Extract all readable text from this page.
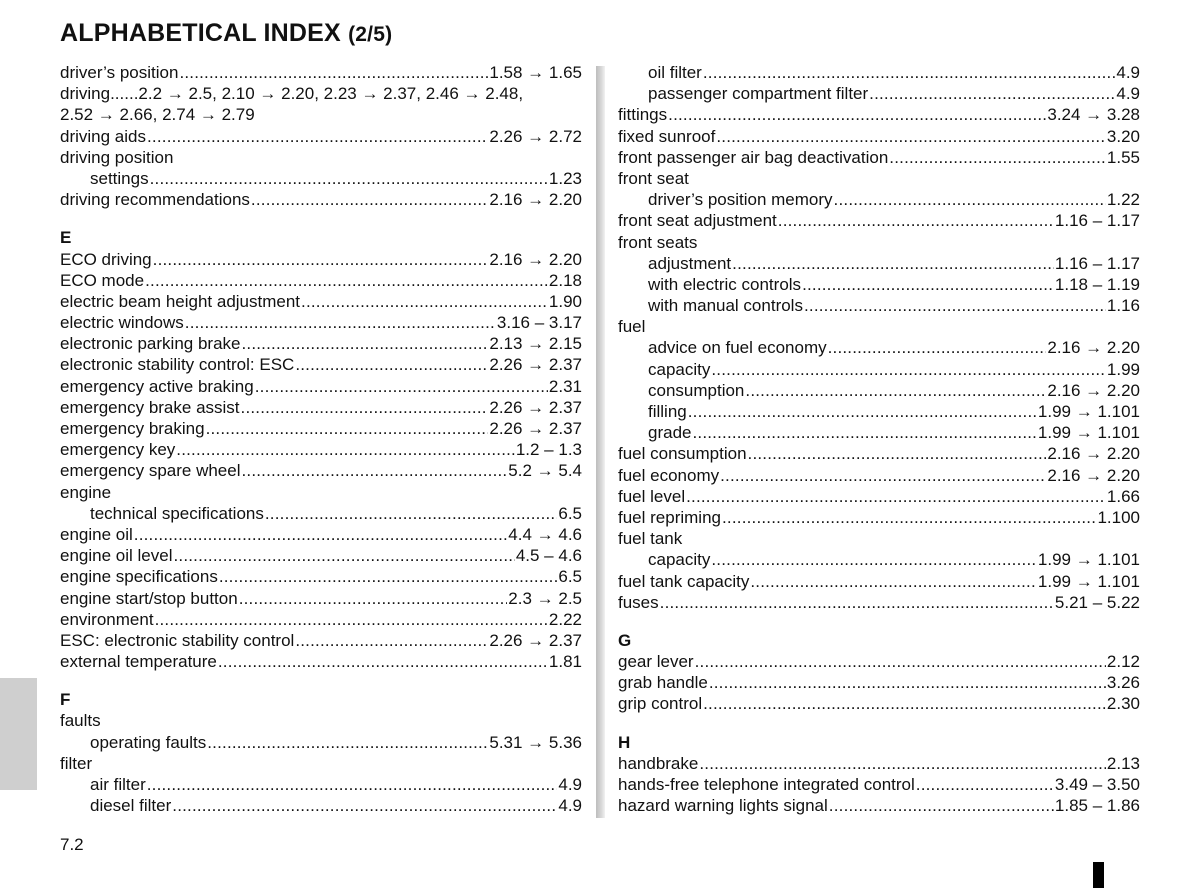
ALPHABETICAL INDEX (2/5)
driver’s position .....	1.58 → 1.65
driving......2.2 → 2.5, 2.10 → 2.20, 2.23 → 2.37, 2.46 → 2.48,
2.52 → 2.66, 2.74 → 2.79
driving aids .....	2.26 → 2.72
driving position
settings .....	1.23
driving recommendations .....	2.16 → 2.20
E
ECO driving .....	2.16 → 2.20
ECO mode .....	2.18
electric beam height adjustment .....	1.90
electric windows .....	3.16 – 3.17
electronic parking brake .....	2.13 → 2.15
electronic stability control: ESC .....	2.26 → 2.37
emergency active braking .....	2.31
emergency brake assist .....	2.26 → 2.37
emergency braking .....	2.26 → 2.37
emergency key .....	1.2 – 1.3
emergency spare wheel .....	5.2 → 5.4
engine
technical specifications .....	6.5
engine oil .....	4.4 → 4.6
engine oil level .....	4.5 – 4.6
engine specifications .....	6.5
engine start/stop button .....	2.3 → 2.5
environment .....	2.22
ESC: electronic stability control .....	2.26 → 2.37
external temperature .....	1.81
F
faults
operating faults .....	5.31 → 5.36
filter
air filter .....	4.9
diesel filter .....	4.9
oil filter .....	4.9
passenger compartment filter .....	4.9
fittings .....	3.24 → 3.28
fixed sunroof .....	3.20
front passenger air bag deactivation .....	1.55
front seat
driver’s position memory .....	1.22
front seat adjustment .....	1.16 – 1.17
front seats
adjustment .....	1.16 – 1.17
with electric controls .....	1.18 – 1.19
with manual controls .....	1.16
fuel
advice on fuel economy .....	2.16 → 2.20
capacity .....	1.99
consumption .....	2.16 → 2.20
filling .....	1.99 → 1.101
grade .....	1.99 → 1.101
fuel consumption .....	2.16 → 2.20
fuel economy .....	2.16 → 2.20
fuel level .....	1.66
fuel repriming .....	1.100
fuel tank
capacity .....	1.99 → 1.101
fuel tank capacity .....	1.99 → 1.101
fuses .....	5.21 – 5.22
G
gear lever .....	2.12
grab handle .....	3.26
grip control .....	2.30
H
handbrake .....	2.13
hands-free telephone integrated control .....	3.49 – 3.50
hazard warning lights signal .....	1.85 – 1.86
7.2
